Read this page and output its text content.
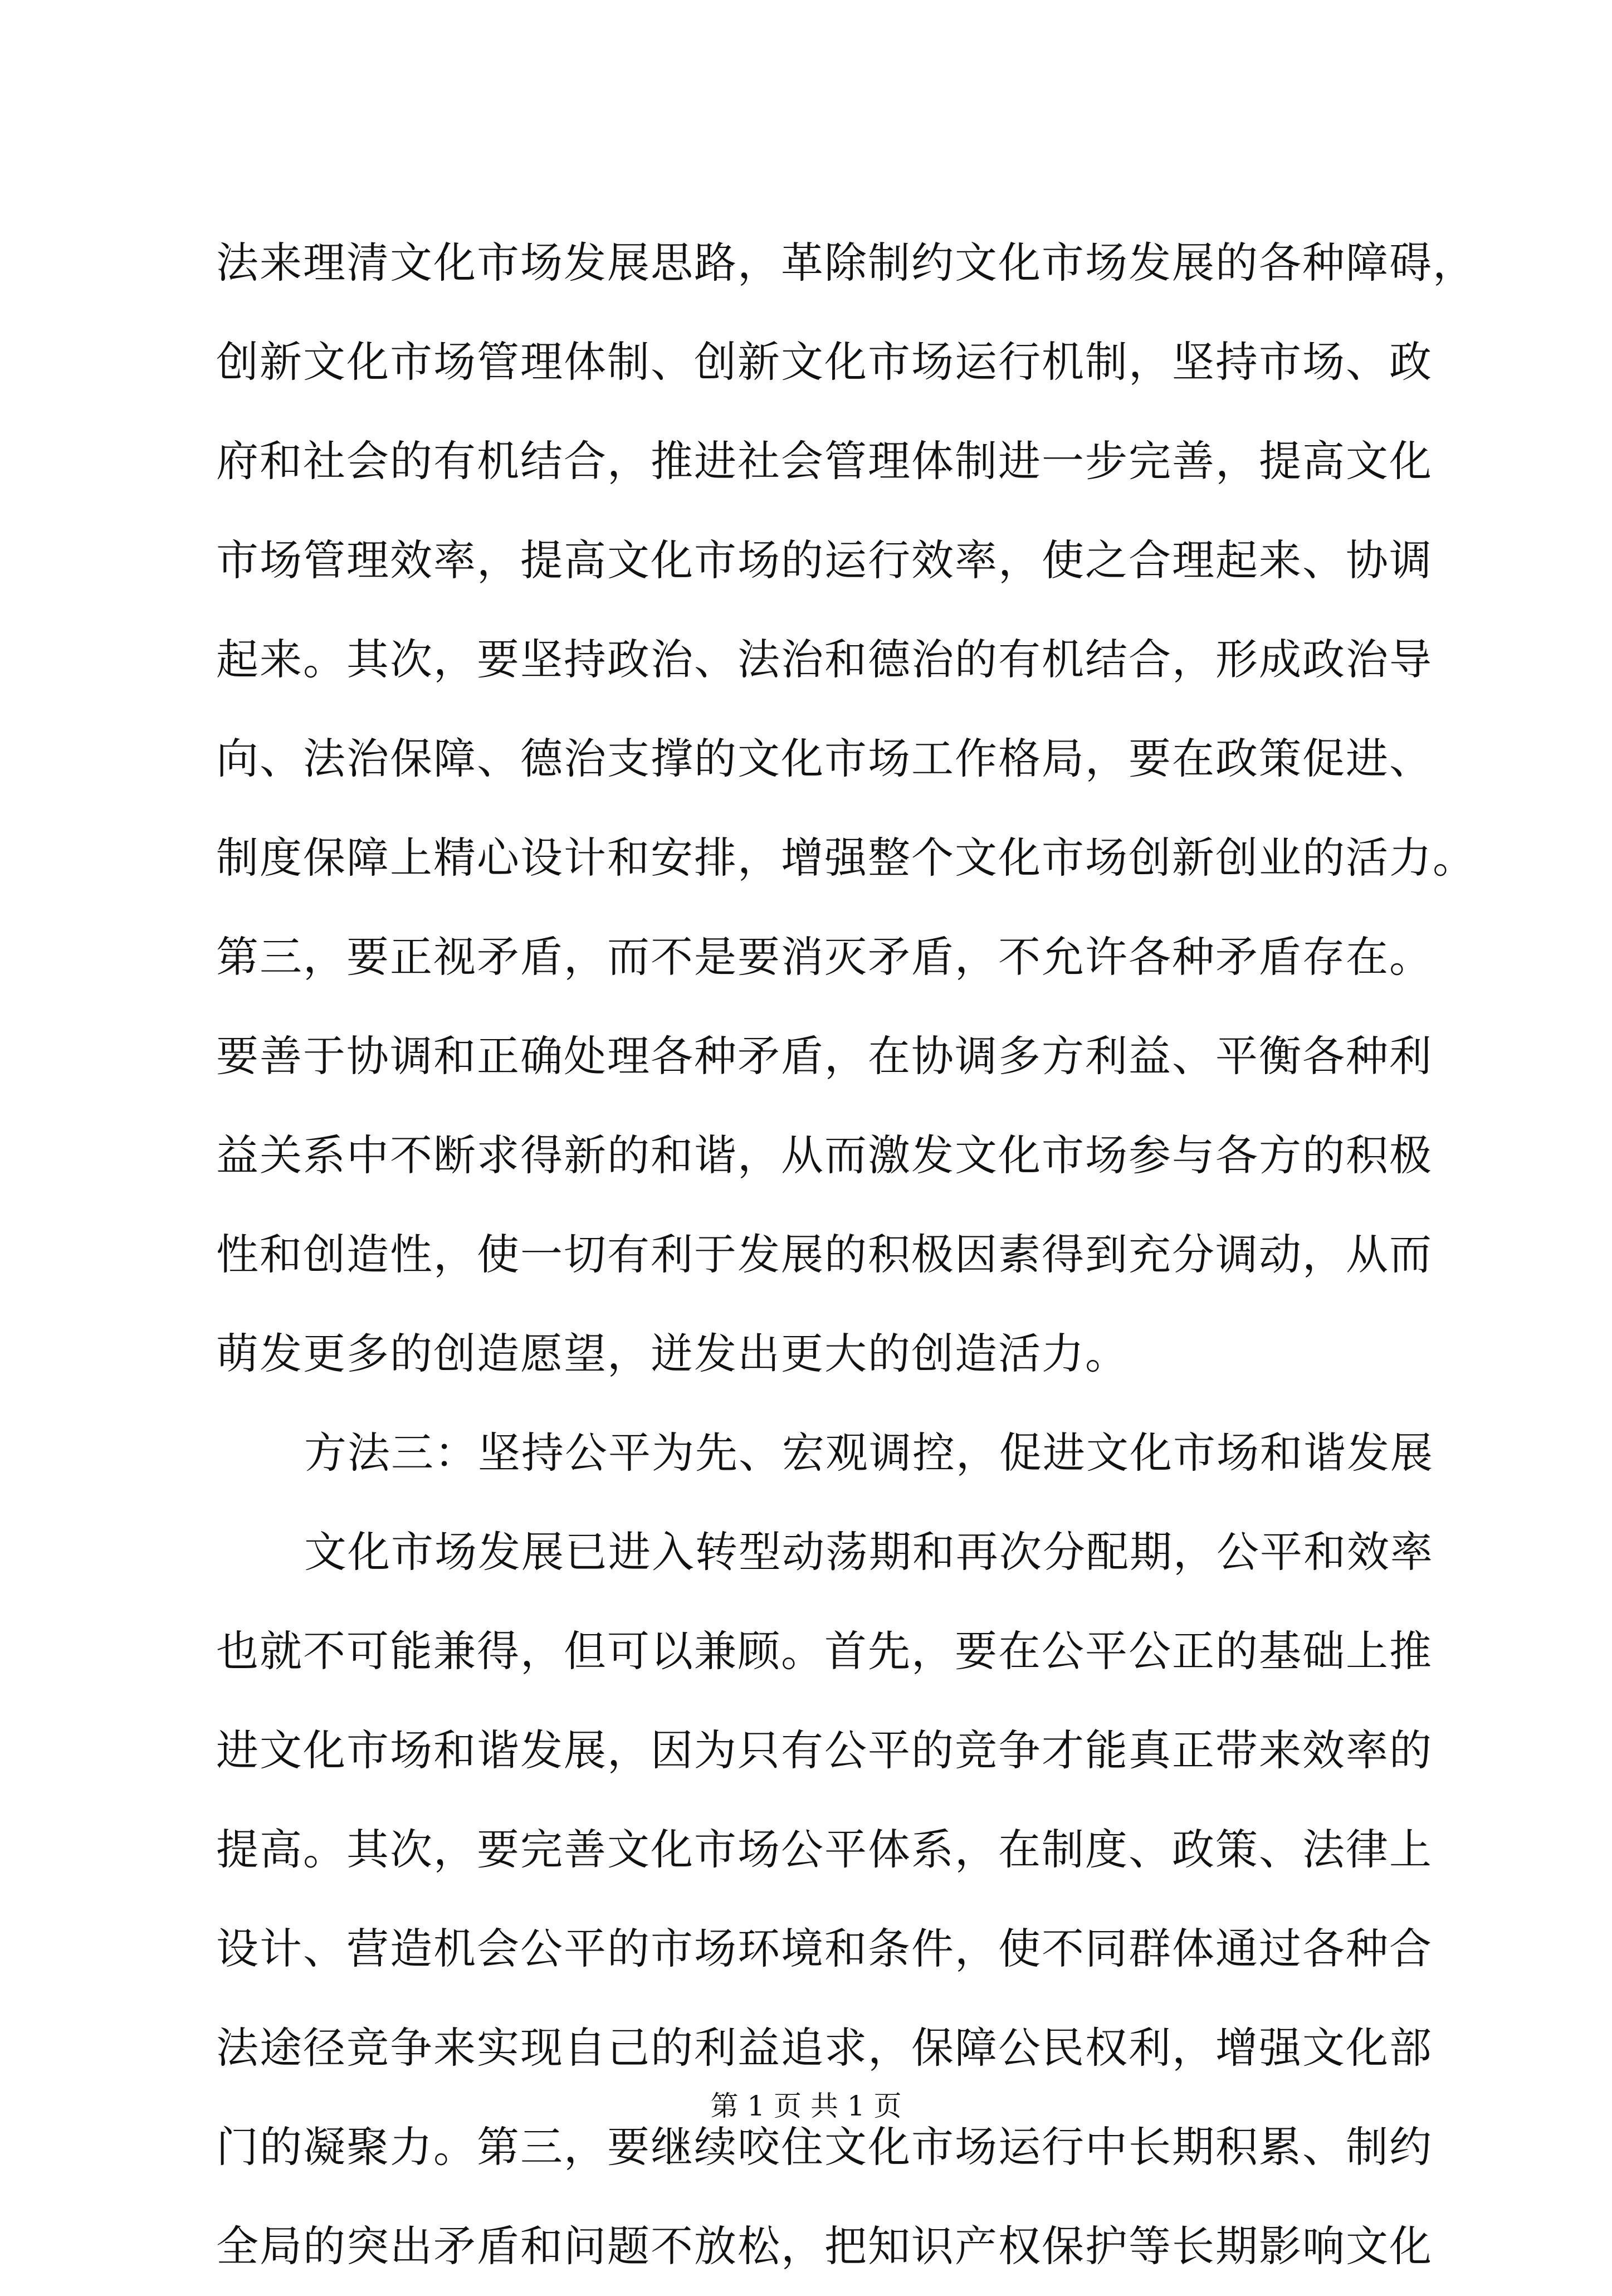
法来理清文化市场发展思路，革除制约文化市场发展的各种障碍，
创新文化市场管理体制、创新文化市场运行机制，坚持市场、政
府和社会的有机结合，推进社会管理体制进一步完善，提高文化
市场管理效率，提高文化市场的运行效率，使之合理起来、协调
起来。其次，要坚持政治、法治和德治的有机结合，形成政治导
向、法治保障、德治支撑的文化市场工作格局，要在政策促进、
制度保障上精心设计和安排，增强整个文化市场创新创业的活力。
第三，要正视矛盾，而不是要消灭矛盾，不允许各种矛盾存在。
要善于协调和正确处理各种矛盾，在协调多方利益、平衡各种利
益关系中不断求得新的和谐，从而激发文化市场参与各方的积极
性和创造性，使一切有利于发展的积极因素得到充分调动，从而
萌发更多的创造愿望，迸发出更大的创造活力。
方法三：坚持公平为先、宏观调控，促进文化市场和谐发展
文化市场发展已进入转型动荡期和再次分配期，公平和效率
也就不可能兼得，但可以兼顾。首先，要在公平公正的基础上推
进文化市场和谐发展，因为只有公平的竞争才能真正带来效率的
提高。其次，要完善文化市场公平体系，在制度、政策、法律上
设计、营造机会公平的市场环境和条件，使不同群体通过各种合
法途径竞争来实现自己的利益追求，保障公民权利，增强文化部
门的凝聚力。第三，要继续咬住文化市场运行中长期积累、制约
全局的突出矛盾和问题不放松，把知识产权保护等长期影响文化
第 1 页 共 1 页
